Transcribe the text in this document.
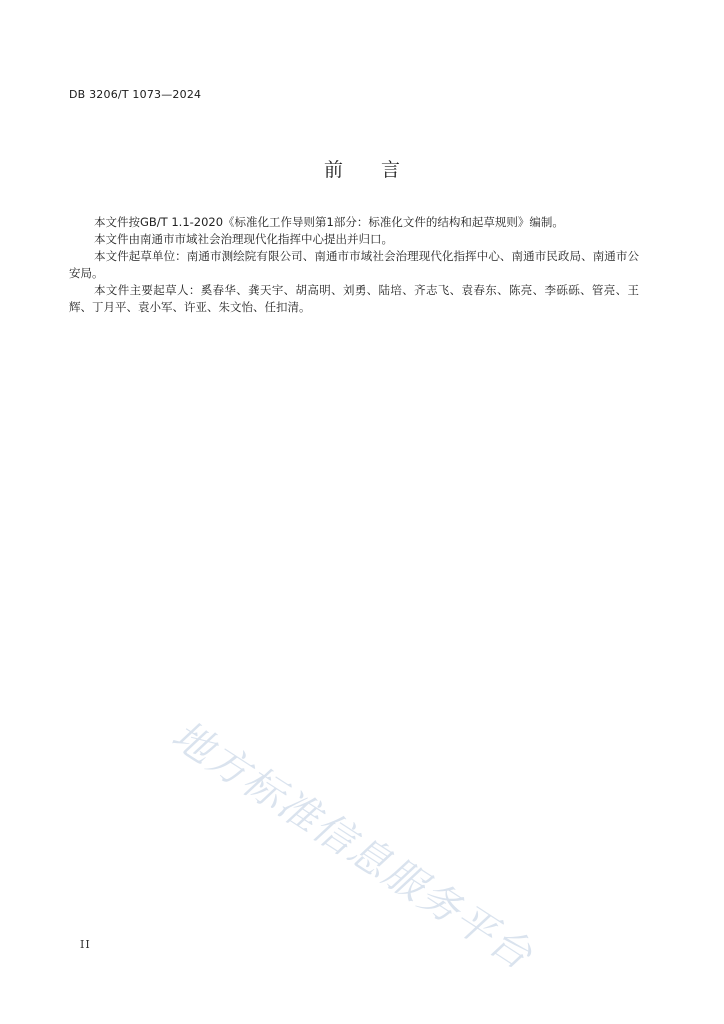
DB 3206/T 1073—2024
前言

本文件按GB/T 1.1-2020《标准化工作导则第1部分：标准化文件的结构和起草规则》编制。

本文件由南通市市域社会治理现代化指挥中心提出并归口。

本文件起草单位：南通市测绘院有限公司、南通市市域社会治理现代化指挥中心、南通市民政局、南通市公安局。

本文件主要起草人：奚春华、龚天宇、胡高明、刘勇、陆培、齐志飞、袁春东、陈亮、李砾砾、管亮、王辉、丁月平、袁小军、许亚、朱文怡、任扣清。

地方标准信息服务平台
II
